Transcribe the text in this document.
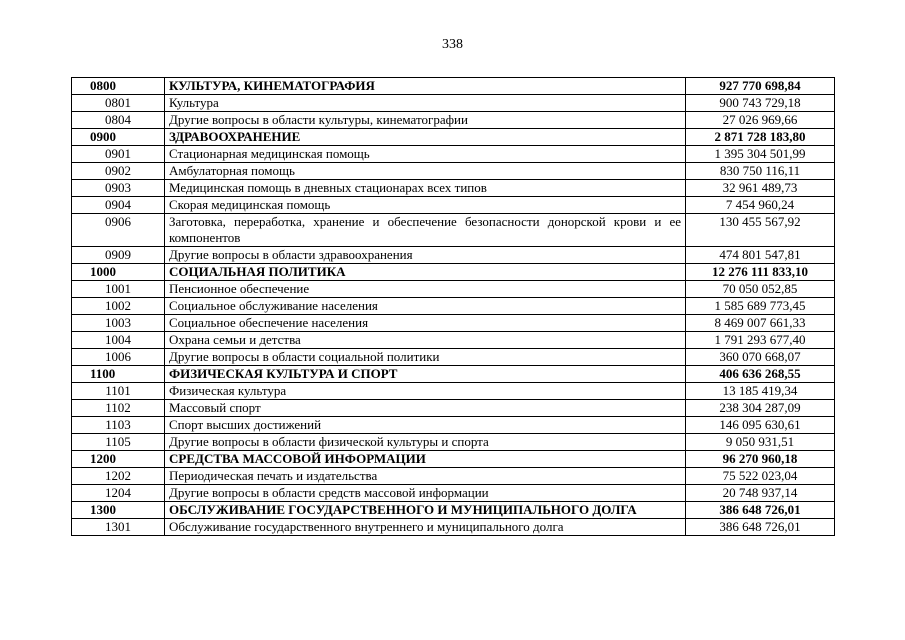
338
0800	КУЛЬТУРА, КИНЕМАТОГРАФИЯ	927 770 698,84
0801	Культура	900 743 729,18
0804	Другие вопросы в области культуры, кинематографии	27 026 969,66
0900	ЗДРАВООХРАНЕНИЕ	2 871 728 183,80
0901	Стационарная медицинская помощь	1 395 304 501,99
0902	Амбулаторная помощь	830 750 116,11
0903	Медицинская помощь в дневных стационарах всех типов	32 961 489,73
0904	Скорая медицинская помощь	7 454 960,24
0906	Заготовка, переработка, хранение и обеспечение безопасности донорской крови и ее компонентов	130 455 567,92
0909	Другие вопросы в области здравоохранения	474 801 547,81
1000	СОЦИАЛЬНАЯ ПОЛИТИКА	12 276 111 833,10
1001	Пенсионное обеспечение	70 050 052,85
1002	Социальное обслуживание населения	1 585 689 773,45
1003	Социальное обеспечение населения	8 469 007 661,33
1004	Охрана семьи и детства	1 791 293 677,40
1006	Другие вопросы в области социальной политики	360 070 668,07
1100	ФИЗИЧЕСКАЯ КУЛЬТУРА И СПОРТ	406 636 268,55
1101	Физическая культура	13 185 419,34
1102	Массовый спорт	238 304 287,09
1103	Спорт высших достижений	146 095 630,61
1105	Другие вопросы в области физической культуры и спорта	9 050 931,51
1200	СРЕДСТВА МАССОВОЙ ИНФОРМАЦИИ	96 270 960,18
1202	Периодическая печать и издательства	75 522 023,04
1204	Другие вопросы в области средств массовой информации	20 748 937,14
1300	ОБСЛУЖИВАНИЕ ГОСУДАРСТВЕННОГО И МУНИЦИПАЛЬНОГО ДОЛГА	386 648 726,01
1301	Обслуживание государственного внутреннего и муниципального долга	386 648 726,01
